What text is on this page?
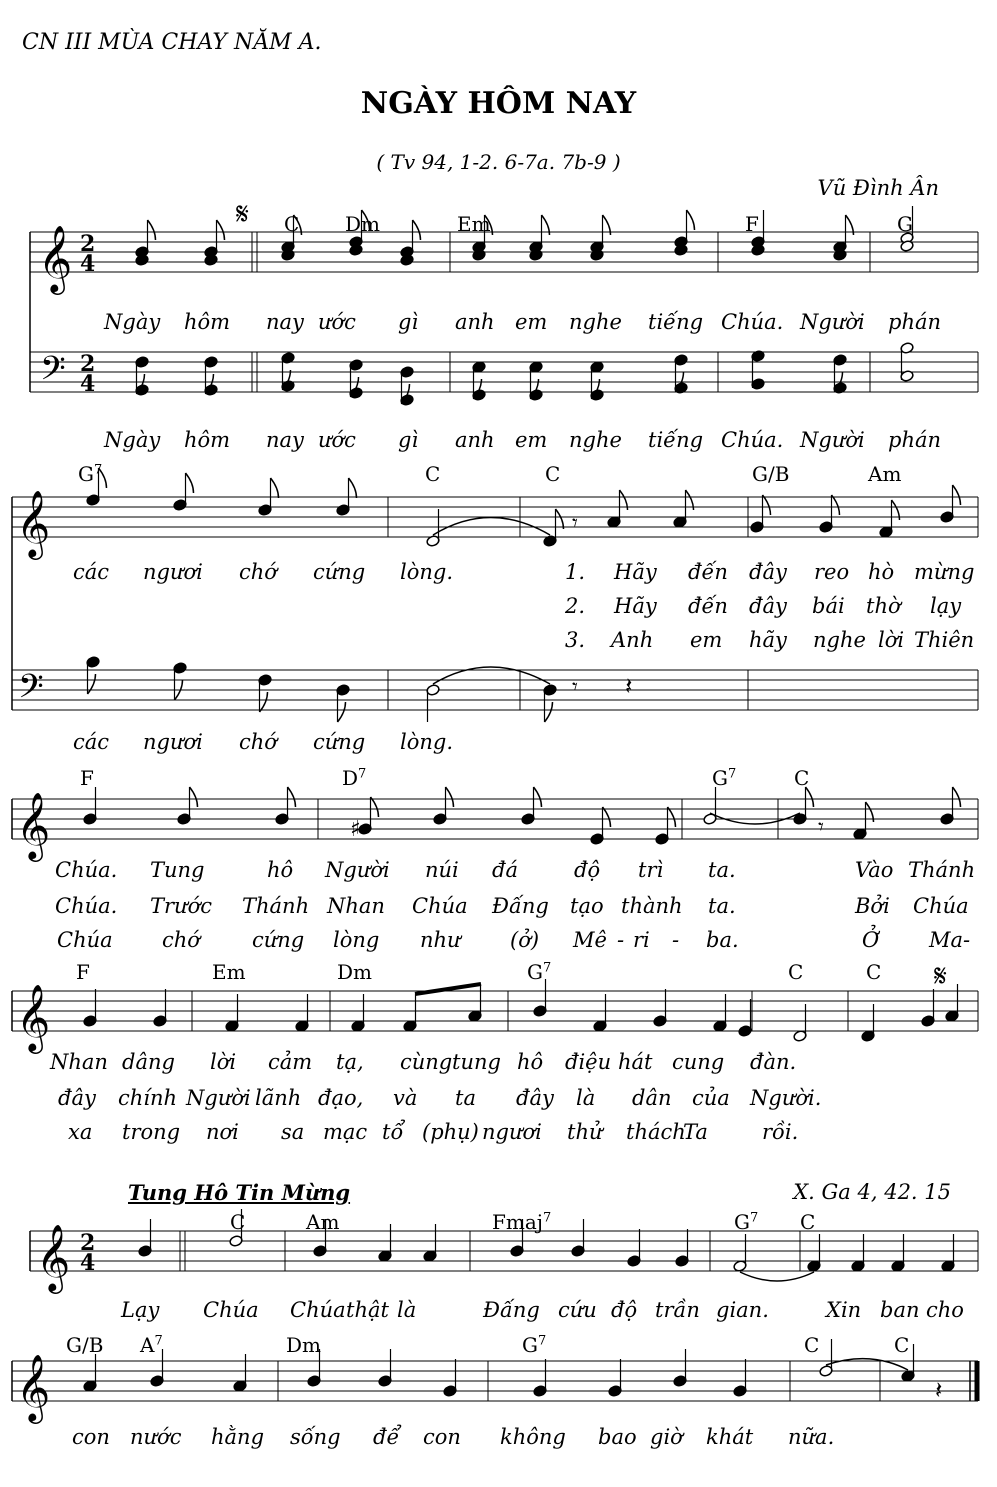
CN III MÙA CHAY NĂM A.
NGÀY HÔM NAY
( Tv 94, 1-2. 6-7a. 7b-9 )
Vũ Đình Ân
Tung Hô Tin Mừng	X. Ga 4, 42. 15
𝄞
𝄢
2
4
2
4
𝄋
𝄞
𝄢
𝄾
𝄾 𝄽
𝄞	♯	𝄾
𝄞
𝄋
𝄞 2
4
𝄞	𝄽
C Dm	Em	F	G
Ngày hôm nay ước gì anh em nghe tiếng Chúa. Người phán
Ngày hôm nay ước gì anh em nghe tiếng Chúa. Người phán
$G^7$	C	C	G/B	Am
các ngươi chớ cứng lòng.	1. Hãy đến đây reo hò mừng
2. Hãy đến đây bái thờ lạy
3. Anh em hãy nghe lời Thiên
các ngươi chớ cứng lòng.
F	$D^7$	$G^7$	C
Chúa. Tung	hô Người núi đá	độ trì ta.	Vào Thánh
Chúa. Trước Thánh Nhan Chúa Đấng tạo thành ta.	Bởi Chúa
Chúa chớ cứng lòng như (ở) Mê - ri - ba.	Ở Ma-
F	Em	Dm	$G^7$	C	C
Nhan dâng lời cảm tạ, cùng tung hô điệu hát cung đàn.
đây chính Người lãnh đạo, và ta đây là dân của Người.
xa trong nơi sa mạc tổ (phụ) ngươi thử thách
Ta	rồi.
C	Am	Fmaj$^7$	$G^7$ C
Lạy Chúa Chúa thật là	Đấng cứu độ trần gian.	Xin ban cho
G/B $A^7$	Dm	$G^7$	C	C
con nước hằng sống để con không bao giờ khát nữa.
